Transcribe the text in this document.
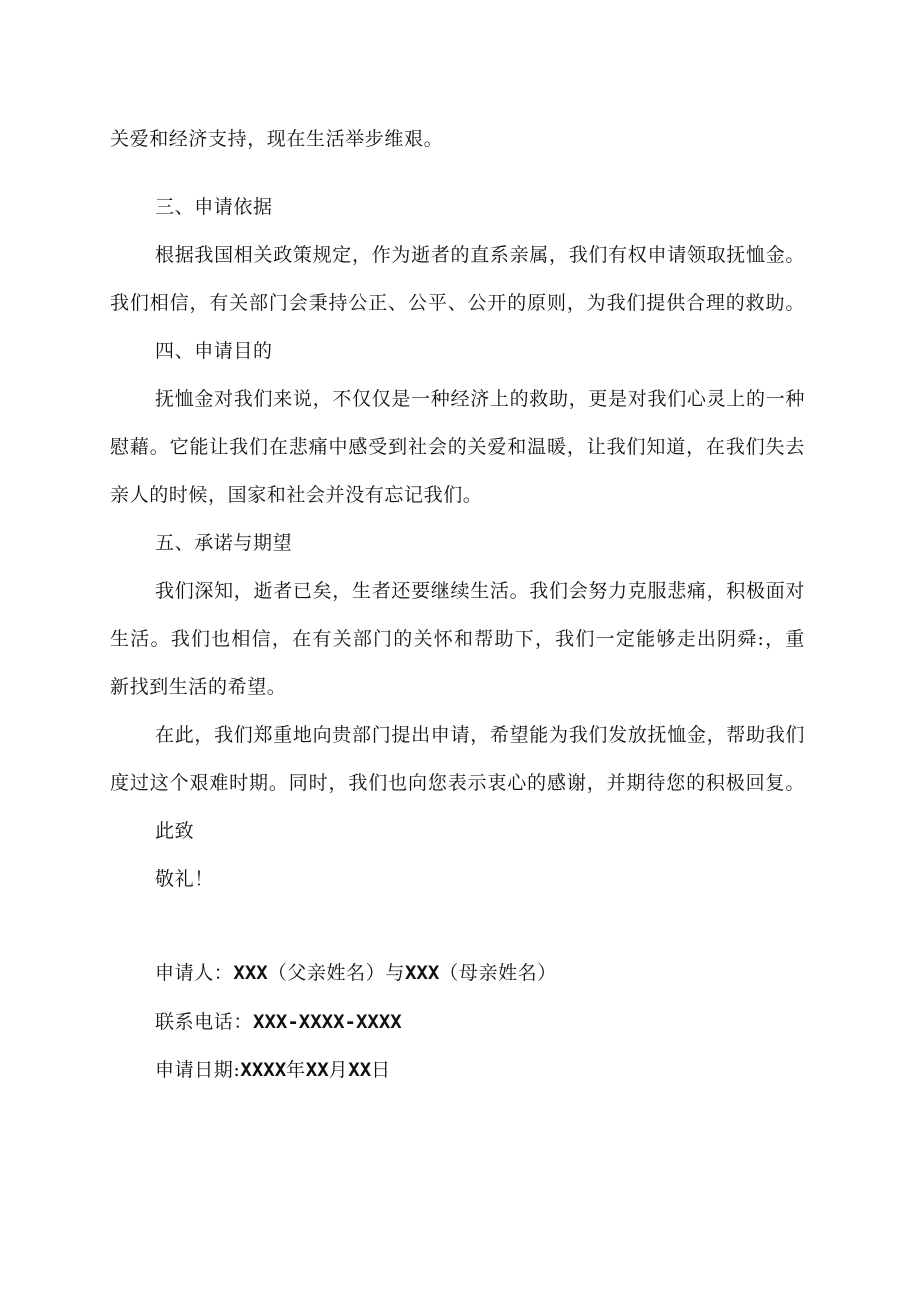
关爱和经济支持，现在生活举步维艰。
三、申请依据
根据我国相关政策规定，作为逝者的直系亲属，我们有权申请领取抚恤金。
我们相信，有关部门会秉持公正、公平、公开的原则，为我们提供合理的救助。
四、申请目的
抚恤金对我们来说，不仅仅是一种经济上的救助，更是对我们心灵上的一种
慰藉。它能让我们在悲痛中感受到社会的关爱和温暖，让我们知道，在我们失去
亲人的时候，国家和社会并没有忘记我们。
五、承诺与期望
我们深知，逝者已矣，生者还要继续生活。我们会努力克服悲痛，积极面对
生活。我们也相信，在有关部门的关怀和帮助下，我们一定能够走出阴舜:，重
新找到生活的希望。
在此，我们郑重地向贵部门提出申请，希望能为我们发放抚恤金，帮助我们
度过这个艰难时期。同时，我们也向您表示衷心的感谢，并期待您的积极回复。
此致
敬礼！
申请人：XXX（父亲姓名）与XXX（母亲姓名）
联系电话：XXX-XXXX-XXXX
申请日期:XXXX年XX月XX日
